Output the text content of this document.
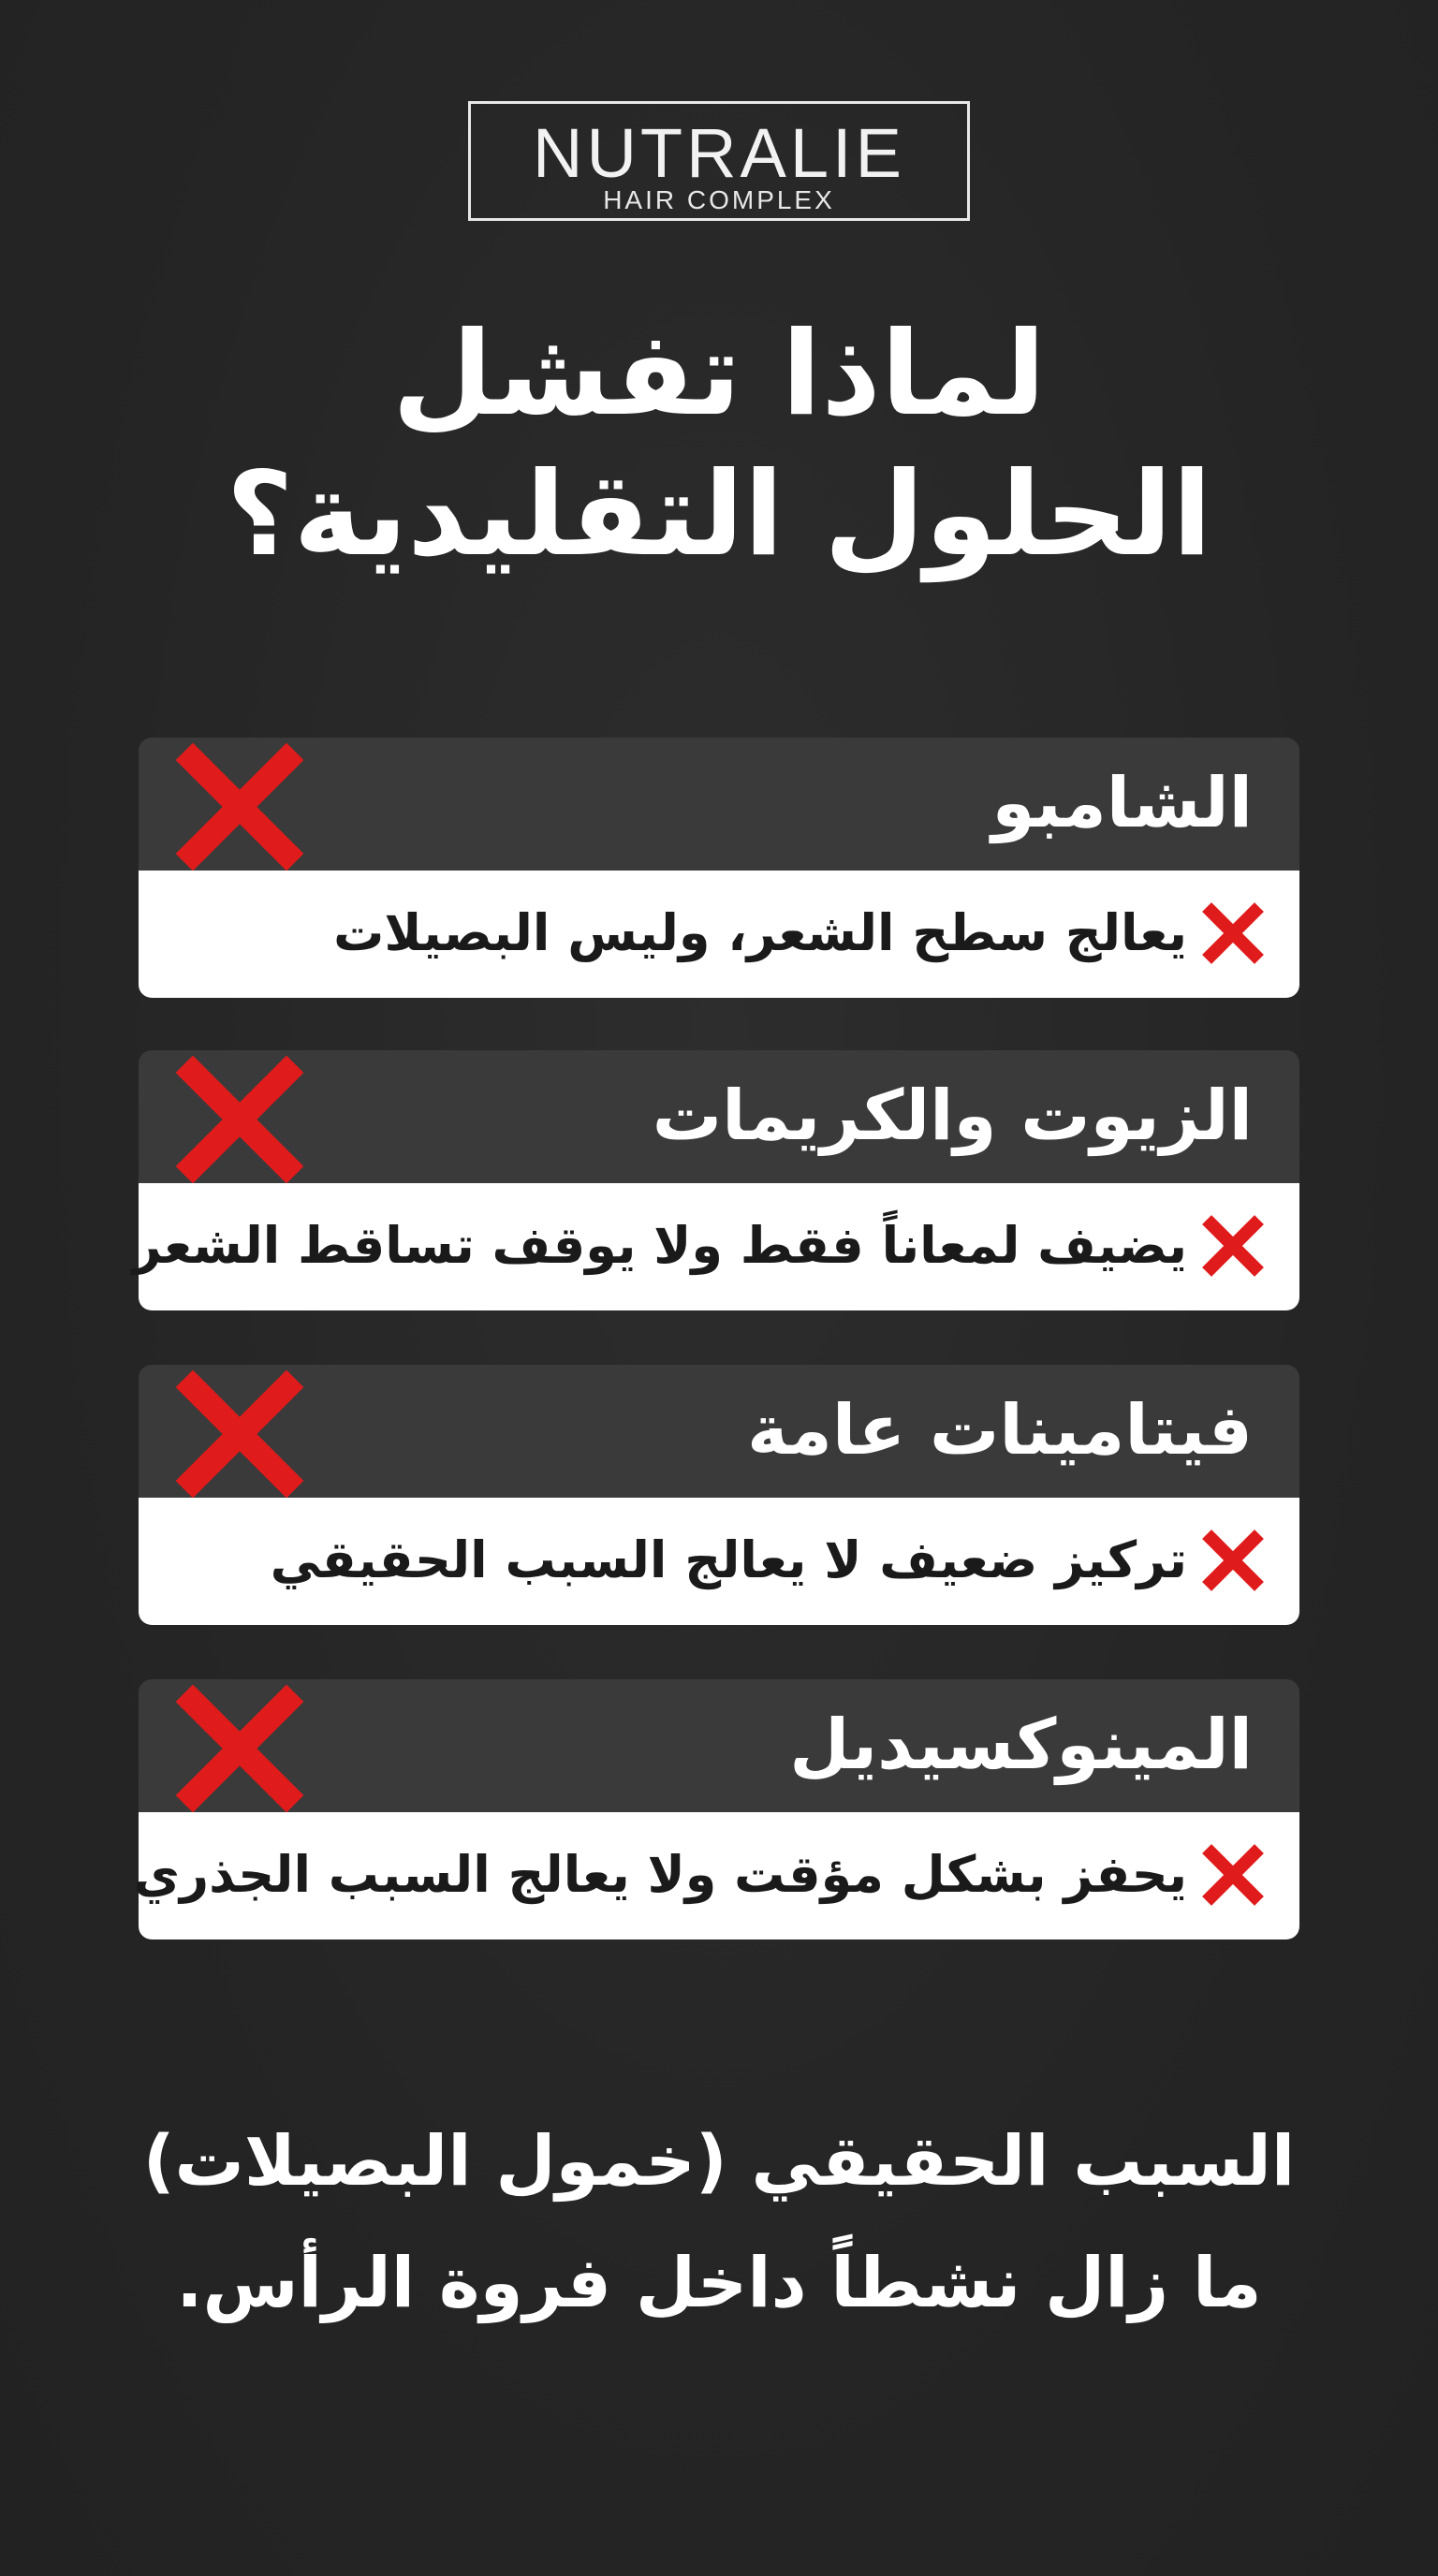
NUTRALIE
HAIR COMPLEX
لماذا تفشل
الحلول التقليدية؟
الشامبو
يعالج سطح الشعر، وليس البصيلات
الزيوت والكريمات
يضيف لمعاناً فقط ولا يوقف تساقط الشعر
فيتامينات عامة
تركيز ضعيف لا يعالج السبب الحقيقي
المينوكسيديل
يحفز بشكل مؤقت ولا يعالج السبب الجذري
السبب الحقيقي (خمول البصيلات)
ما زال نشطاً داخل فروة الرأس.
